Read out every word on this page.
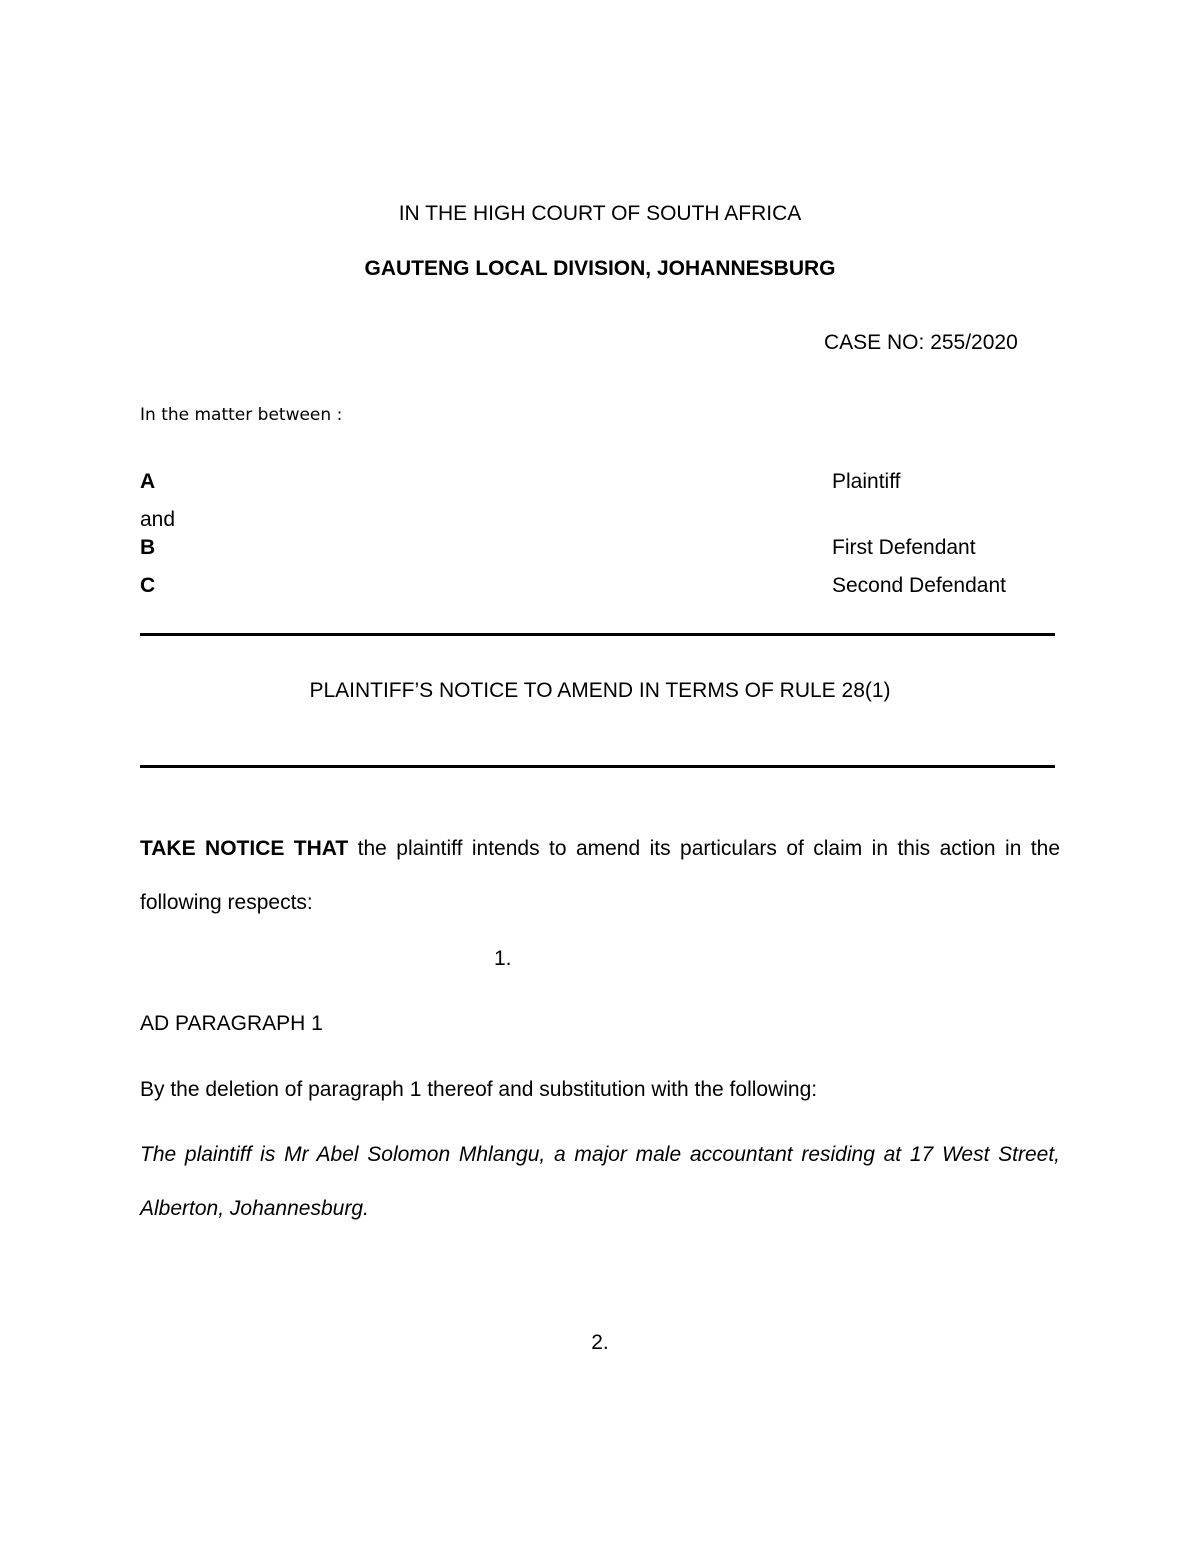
IN THE HIGH COURT OF SOUTH AFRICA
GAUTENG LOCAL DIVISION, JOHANNESBURG
CASE NO: 255/2020
In the matter between :
A	Plaintiff
and
B	First Defendant
C	Second Defendant
PLAINTIFF’S NOTICE TO AMEND IN TERMS OF RULE 28(1)
TAKE NOTICE THAT the plaintiff intends to amend its particulars of claim in this action in the following respects:
1.
AD PARAGRAPH 1
By the deletion of paragraph 1 thereof and substitution with the following:
The plaintiff is Mr Abel Solomon Mhlangu, a major male accountant residing at 17 West Street, Alberton, Johannesburg.
2.
